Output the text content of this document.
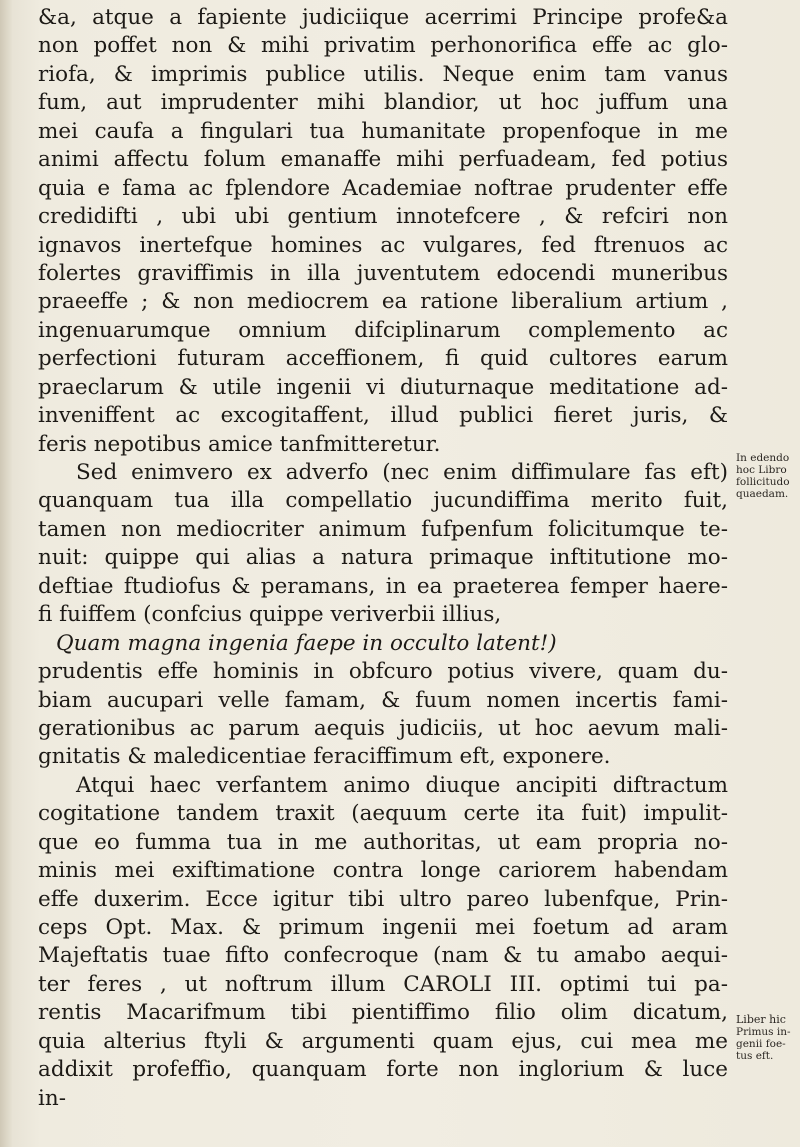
&a, atque a fapiente judiciique acerrimi Principe profe&a
non poffet non & mihi privatim perhonorifica effe ac glo-
riofa, & imprimis publice utilis. Neque enim tam vanus
fum, aut imprudenter mihi blandior, ut hoc juffum una
mei caufa a fingulari tua humanitate propenfoque in me
animi affectu folum emanaffe mihi perfuadeam, fed potius
quia e fama ac fplendore Academiae noftrae prudenter effe
credidifti , ubi ubi gentium innotefcere , & refciri non
ignavos inertefque homines ac vulgares, fed ftrenuos ac
folertes graviffimis in illa juventutem edocendi muneribus
praeeffe ; & non mediocrem ea ratione liberalium artium ,
ingenuarumque omnium difciplinarum complemento ac
perfectioni futuram acceffionem, fi quid cultores earum
praeclarum & utile ingenii vi diuturnaque meditatione ad-
inveniffent ac excogitaffent, illud publici fieret juris, &
feris nepotibus amice tanfmitteretur.
Sed enimvero ex adverfo (nec enim diffimulare fas eft)
quanquam tua illa compellatio jucundiffima merito fuit,
tamen non mediocriter animum fufpenfum folicitumque te-
nuit: quippe qui alias a natura primaque inftitutione mo-
deftiae ftudiofus & peramans, in ea praeterea femper haere-
fi fuiffem (confcius quippe veriverbii illius,
Quam magna ingenia faepe in occulto latent!)
prudentis effe hominis in obfcuro potius vivere, quam du-
biam aucupari velle famam, & fuum nomen incertis fami-
gerationibus ac parum aequis judiciis, ut hoc aevum mali-
gnitatis & maledicentiae feraciffimum eft, exponere.
Atqui haec verfantem animo diuque ancipiti diftractum
cogitatione tandem traxit (aequum certe ita fuit) impulit-
que eo fumma tua in me authoritas, ut eam propria no-
minis mei exiftimatione contra longe cariorem habendam
effe duxerim. Ecce igitur tibi ultro pareo lubenfque, Prin-
ceps Opt. Max. & primum ingenii mei foetum ad aram
Majeftatis tuae fifto confecroque (nam & tu amabo aequi-
ter feres , ut noftrum illum CAROLI III. optimi tui pa-
rentis Macarifmum tibi pientiffimo filio olim dicatum,
quia alterius ftyli & argumenti quam ejus, cui mea me
addixit profeffio, quanquam forte non inglorium & luce
in-
In edendo
hoc Libro
follicitudo
quaedam.
Liber hic
Primus in-
genii foe-
tus eft.
